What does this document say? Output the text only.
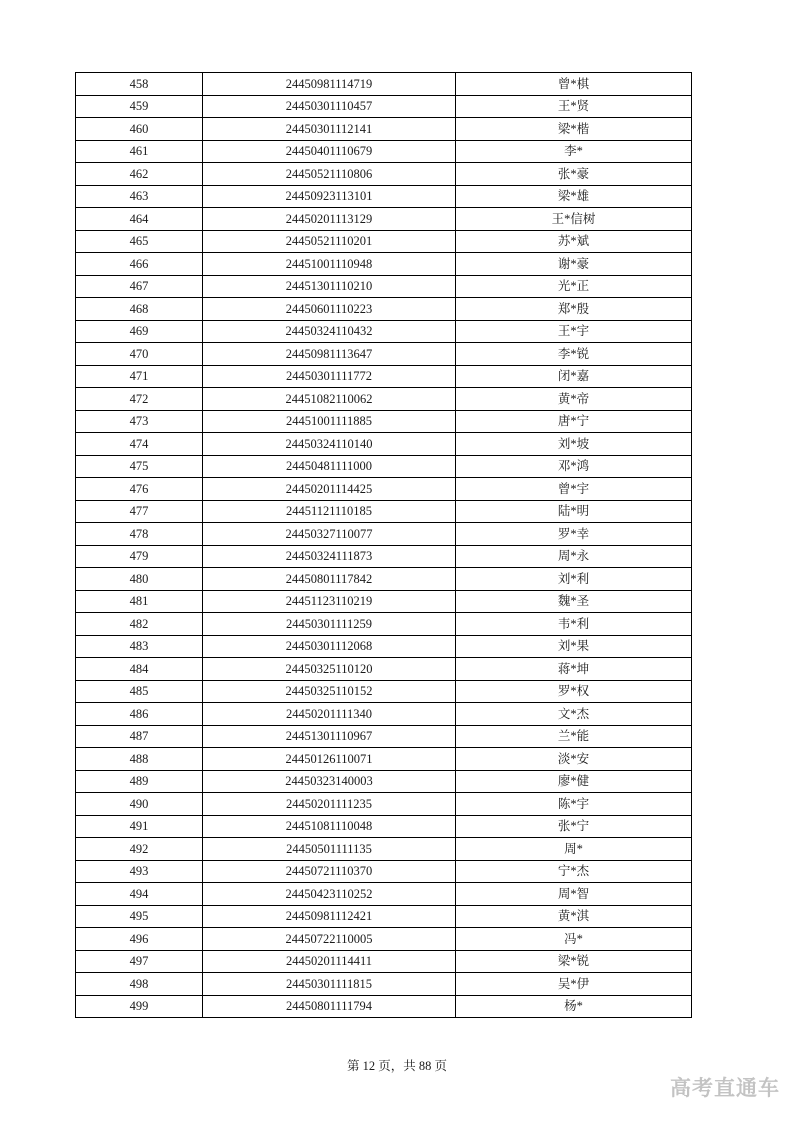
458	24450981114719	曾*棋
459	24450301110457	王*贤
460	24450301112141	梁*楷
461	24450401110679	李*
462	24450521110806	张*豪
463	24450923113101	梁*雄
464	24450201113129	王*信树
465	24450521110201	苏*斌
466	24451001110948	谢*豪
467	24451301110210	光*正
468	24450601110223	郑*殷
469	24450324110432	王*宇
470	24450981113647	李*锐
471	24450301111772	闭*嘉
472	24451082110062	黄*帝
473	24451001111885	唐*宁
474	24450324110140	刘*坡
475	24450481111000	邓*鸿
476	24450201114425	曾*宇
477	24451121110185	陆*明
478	24450327110077	罗*幸
479	24450324111873	周*永
480	24450801117842	刘*利
481	24451123110219	魏*圣
482	24450301111259	韦*利
483	24450301112068	刘*果
484	24450325110120	蒋*坤
485	24450325110152	罗*权
486	24450201111340	文*杰
487	24451301110967	兰*能
488	24450126110071	淡*安
489	24450323140003	廖*健
490	24450201111235	陈*宇
491	24451081110048	张*宁
492	24450501111135	周*
493	24450721110370	宁*杰
494	24450423110252	周*智
495	24450981112421	黄*淇
496	24450722110005	冯*
497	24450201114411	梁*锐
498	24450301111815	吴*伊
499	24450801111794	杨*
第 12 页，共 88 页
高考直通车
